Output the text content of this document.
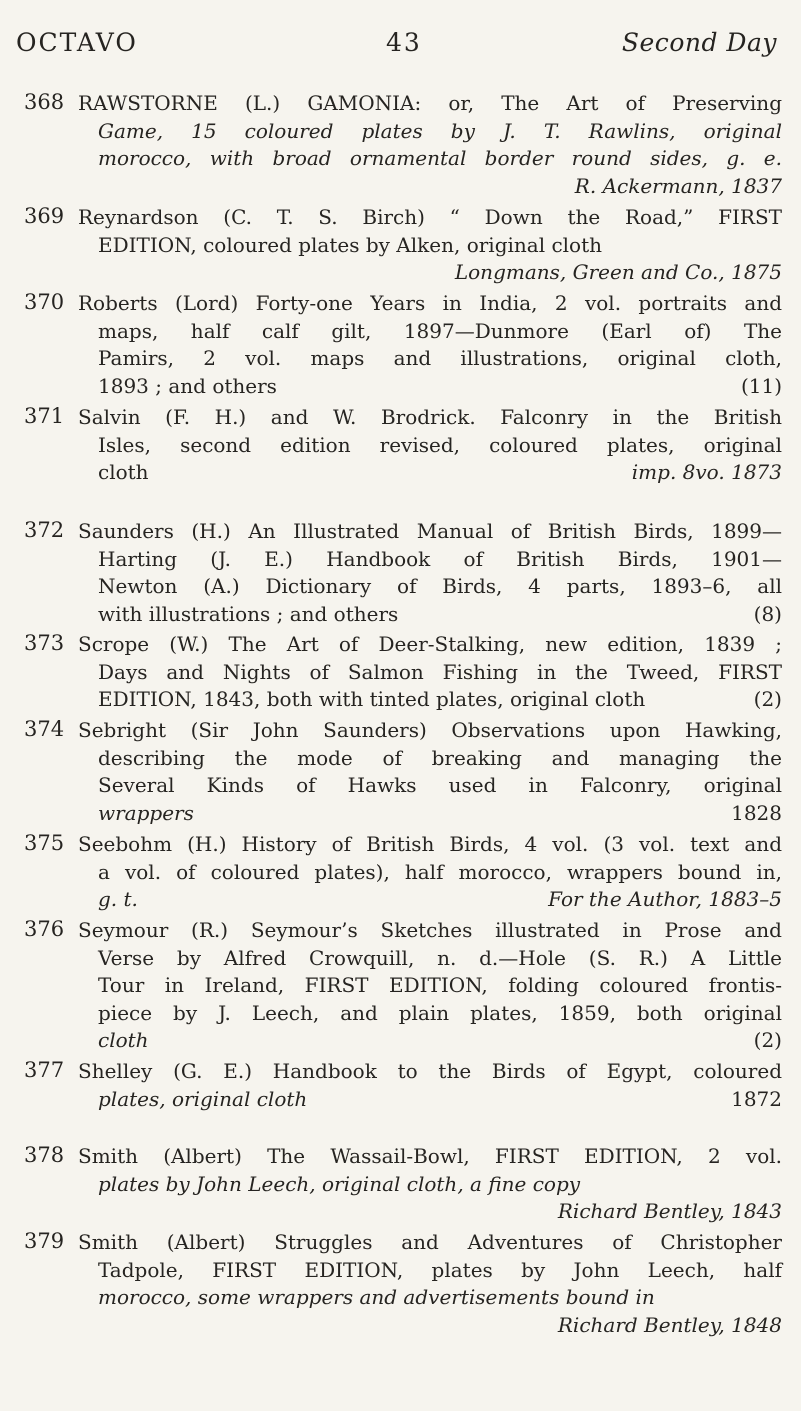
OCTAVO	43	Second Day
368 RAWSTORNE (L.) GAMONIA: or, The Art of Preserving
Game, 15 coloured plates by J. T. Rawlins, original
morocco, with broad ornamental border round sides, g. e.
R. Ackermann, 1837
369 Reynardson (C. T. S. Birch) “ Down the Road,” FIRST
EDITION, coloured plates by Alken, original cloth
Longmans, Green and Co., 1875
370 Roberts (Lord) Forty-one Years in India, 2 vol. portraits and
maps, half calf gilt, 1897—Dunmore (Earl of) The
Pamirs, 2 vol. maps and illustrations, original cloth,
1893 ; and others	(11)
371 Salvin (F. H.) and W. Brodrick. Falconry in the British
Isles, second edition revised, coloured plates, original
cloth	imp. 8vo. 1873
372 Saunders (H.) An Illustrated Manual of British Birds, 1899—
Harting (J. E.) Handbook of British Birds, 1901—
Newton (A.) Dictionary of Birds, 4 parts, 1893–6, all
with illustrations ; and others	(8)
373 Scrope (W.) The Art of Deer-Stalking, new edition, 1839 ;
Days and Nights of Salmon Fishing in the Tweed, FIRST
EDITION, 1843, both with tinted plates, original cloth	(2)
374 Sebright (Sir John Saunders) Observations upon Hawking,
describing the mode of breaking and managing the
Several Kinds of Hawks used in Falconry, original
wrappers	1828
375 Seebohm (H.) History of British Birds, 4 vol. (3 vol. text and
a vol. of coloured plates), half morocco, wrappers bound in,
g. t.	For the Author, 1883–5
376 Seymour (R.) Seymour’s Sketches illustrated in Prose and
Verse by Alfred Crowquill, n. d.—Hole (S. R.) A Little
Tour in Ireland, FIRST EDITION, folding coloured frontis-
piece by J. Leech, and plain plates, 1859, both original
cloth	(2)
377 Shelley (G. E.) Handbook to the Birds of Egypt, coloured
plates, original cloth	1872
378 Smith (Albert) The Wassail-Bowl, FIRST EDITION, 2 vol.
plates by John Leech, original cloth, a fine copy
Richard Bentley, 1843
379 Smith (Albert) Struggles and Adventures of Christopher
Tadpole, FIRST EDITION, plates by John Leech, half
morocco, some wrappers and advertisements bound in
Richard Bentley, 1848
